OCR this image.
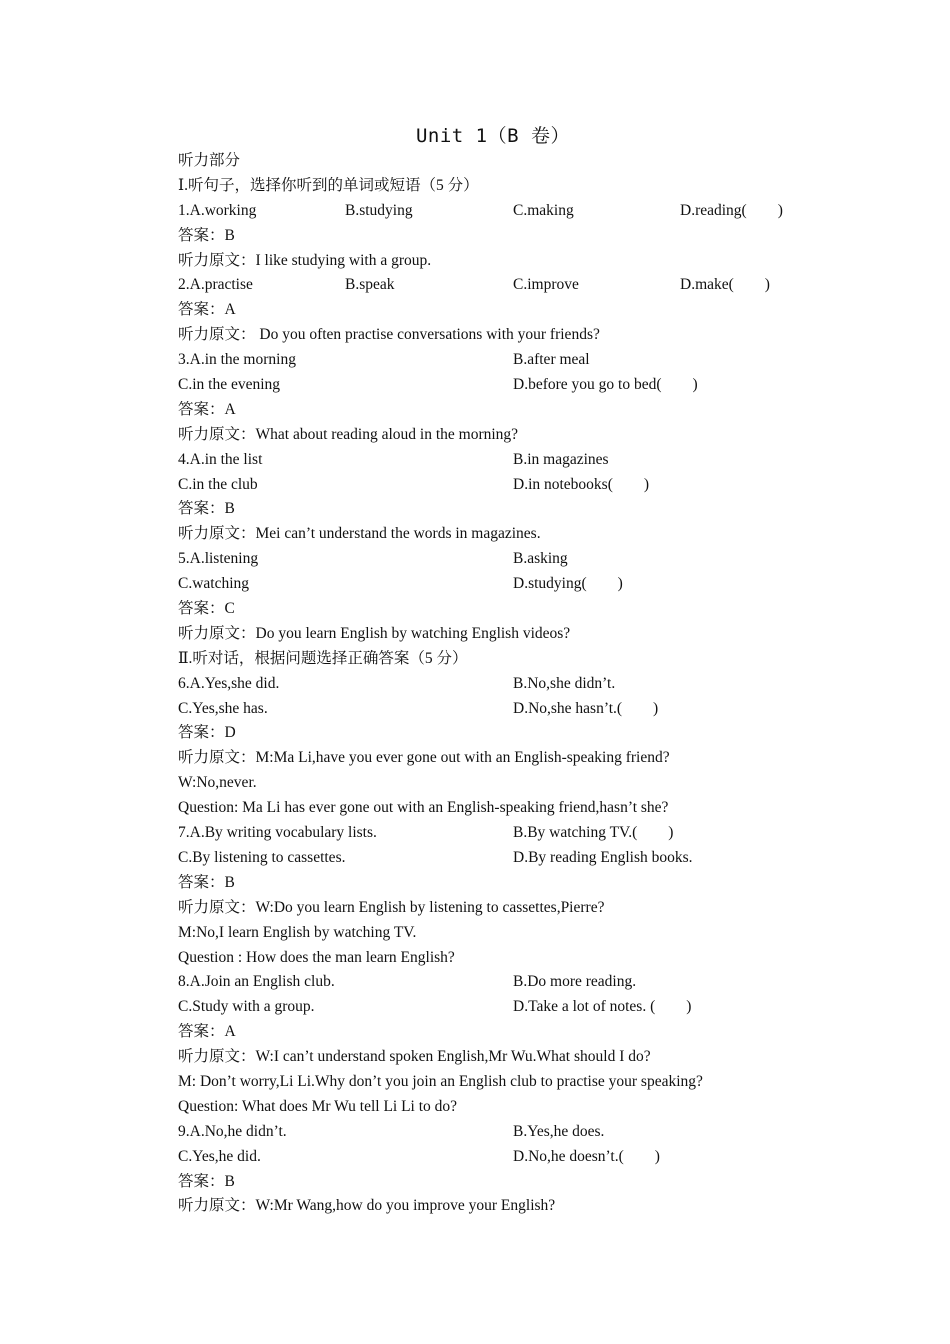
Unit 1（B 卷）
听力部分
Ⅰ.听句子，选择你听到的单词或短语（5 分）
1.A.working	B.studying	C.making	D.reading(　　)
答案：B
听力原文：I like studying with a group.
2.A.practise	B.speak	C.improve	D.make(　　)
答案：A
听力原文： Do you often practise conversations with your friends?
3.A.in the morning	B.after meal
C.in the evening	D.before you go to bed(　　)
答案：A
听力原文：What about reading aloud in the morning?
4.A.in the list	B.in magazines
C.in the club	D.in notebooks(　　)
答案：B
听力原文：Mei can’t understand the words in magazines.
5.A.listening	B.asking
C.watching	D.studying(　　)
答案：C
听力原文：Do you learn English by watching English videos?
Ⅱ.听对话，根据问题选择正确答案（5 分）
6.A.Yes,she did.	B.No,she didn’t.
C.Yes,she has.	D.No,she hasn’t.(　　)
答案：D
听力原文：M:Ma Li,have you ever gone out with an English-speaking friend?
W:No,never.
Question: Ma Li has ever gone out with an English-speaking friend,hasn’t she?
7.A.By writing vocabulary lists.	B.By watching TV.(　　)
C.By listening to cassettes.	D.By reading English books.
答案：B
听力原文：W:Do you learn English by listening to cassettes,Pierre?
M:No,I learn English by watching TV.
Question : How does the man learn English?
8.A.Join an English club.	B.Do more reading.
C.Study with a group.	D.Take a lot of notes. (　　)
答案：A
听力原文：W:I can’t understand spoken English,Mr Wu.What should I do?
M: Don’t worry,Li Li.Why don’t you join an English club to practise your speaking?
Question: What does Mr Wu tell Li Li to do?
9.A.No,he didn’t.	B.Yes,he does.
C.Yes,he did.	D.No,he doesn’t.(　　)
答案：B
听力原文：W:Mr Wang,how do you improve your English?
